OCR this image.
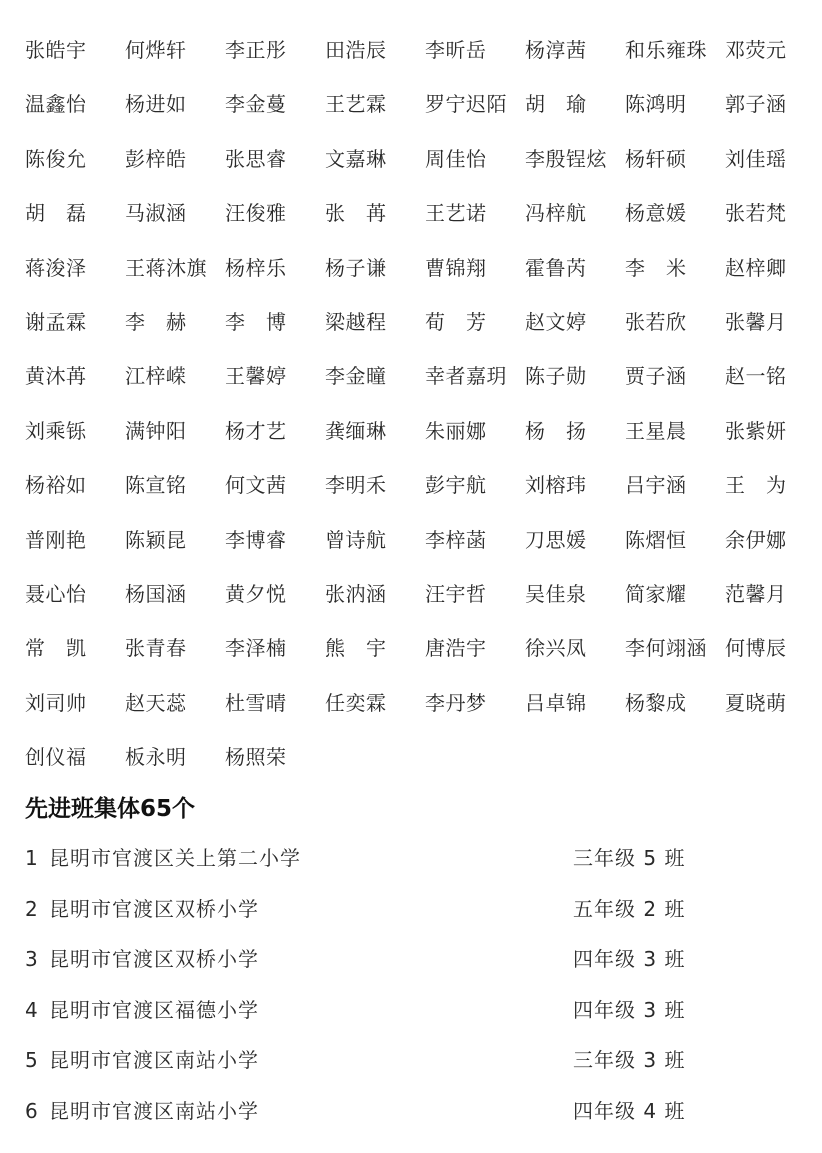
张皓宇	何烨轩	李正彤	田浩辰	李昕岳	杨淳茜	和乐雍珠 邓荧元
温鑫怡	杨进如	李金蔓	王艺霖	罗宁迟陌 胡　瑜	陈鸿明	郭子涵
陈俊允	彭梓皓	张思睿	文嘉琳	周佳怡	李殷锃炫 杨轩硕	刘佳瑶
胡　磊	马淑涵	汪俊雅	张　苒	王艺诺	冯梓航	杨意媛	张若梵
蒋浚泽	王蒋沐旗 杨梓乐	杨子谦	曹锦翔	霍鲁芮	李　米	赵梓卿
谢孟霖	李　赫	李　博	梁越程	荀　芳	赵文婷	张若欣	张馨月
黄沐苒	江梓嵘	王馨婷	李金曈	幸者嘉玥 陈子勋	贾子涵	赵一铭
刘乘铄	满钟阳	杨才艺	龚缅琳	朱丽娜	杨　扬	王星晨	张紫妍
杨裕如	陈宣铭	何文茜	李明禾	彭宇航	刘榕玮	吕宇涵	王　为
普刚艳	陈颖昆	李博睿	曾诗航	李梓菡	刀思媛	陈熠恒	余伊娜
聂心怡	杨国涵	黄夕悦	张汭涵	汪宇哲	吴佳泉	简家耀	范馨月
常　凯	张青春	李泽楠	熊　宇	唐浩宇	徐兴凤	李何翊涵 何博辰
刘司帅	赵天蕊	杜雪晴	任奕霖	李丹梦	吕卓锦	杨黎成	夏晓萌
创仪福	板永明	杨照荣
先进班集体65个
1 昆明市官渡区关上第二小学	三年级 5 班
2 昆明市官渡区双桥小学	五年级 2 班
3 昆明市官渡区双桥小学	四年级 3 班
4 昆明市官渡区福德小学	四年级 3 班
5 昆明市官渡区南站小学	三年级 3 班
6 昆明市官渡区南站小学	四年级 4 班
